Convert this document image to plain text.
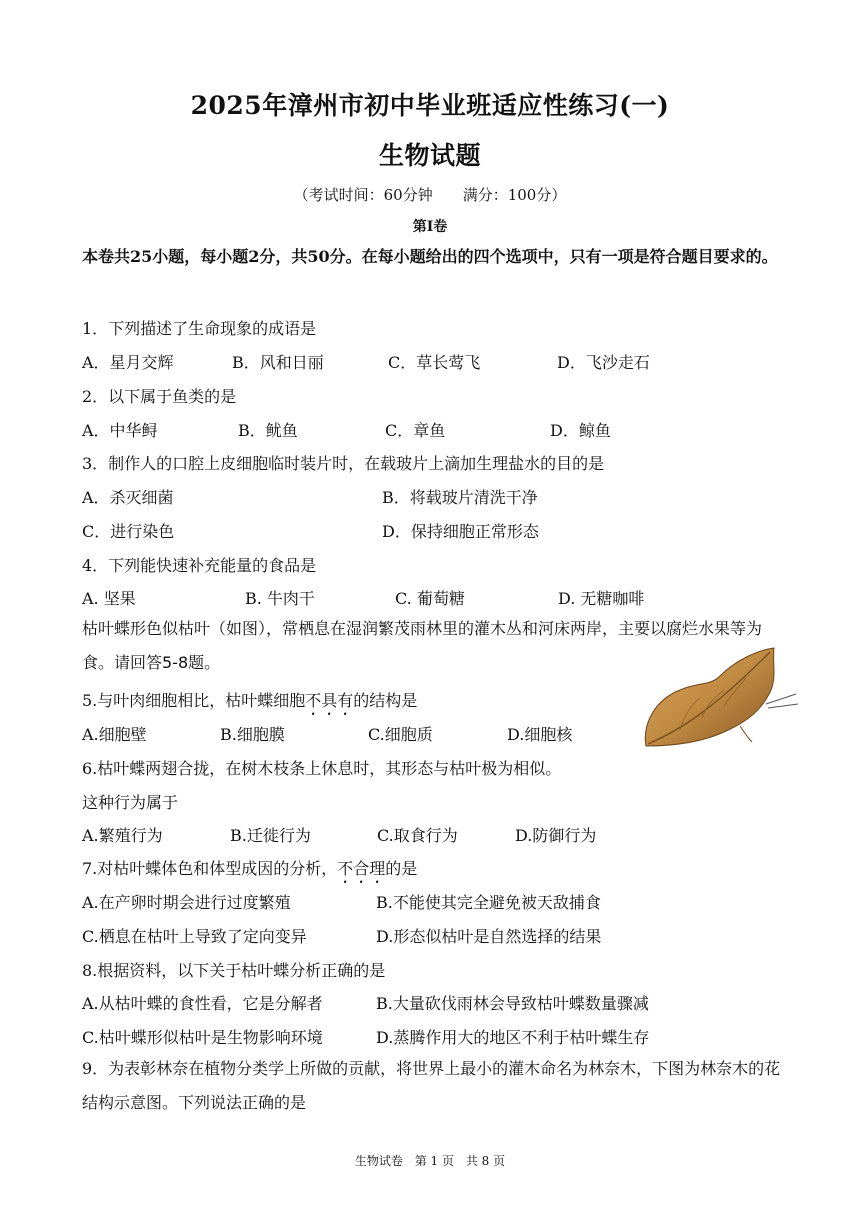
2025年漳州市初中毕业班适应性练习(一)
生物试题
（考试时间：60分钟 满分：100分）
第Ⅰ卷
本卷共25小题，每小题2分，共50分。在每小题给出的四个选项中，只有一项是符合题目要求的。
1．下列描述了生命现象的成语是
A．星月交辉	B．风和日丽	C．草长莺飞	D．飞沙走石
2．以下属于鱼类的是
A．中华鲟	B．鱿鱼	C．章鱼	D．鲸鱼
3．制作人的口腔上皮细胞临时装片时，在载玻片上滴加生理盐水的目的是
A．杀灭细菌	B．将载玻片清洗干净
C．进行染色	D．保持细胞正常形态
4．下列能快速补充能量的食品是
A. 坚果	B. 牛肉干	C. 葡萄糖	D. 无糖咖啡
枯叶蝶形色似枯叶（如图），常栖息在湿润繁茂雨林里的灌木丛和河床两岸，主要以腐烂水果等为食。请回答5-8题。
5.与叶肉细胞相比，枯叶蝶细胞不具有的结构是
A.细胞壁	B.细胞膜	C.细胞质	D.细胞核
6.枯叶蝶两翅合拢，在树木枝条上休息时，其形态与枯叶极为相似。
这种行为属于
A.繁殖行为	B.迁徙行为	C.取食行为	D.防御行为
7.对枯叶蝶体色和体型成因的分析，不合理的是
A.在产卵时期会进行过度繁殖	B.不能使其完全避免被天敌捕食
C.栖息在枯叶上导致了定向变异	D.形态似枯叶是自然选择的结果
8.根据资料，以下关于枯叶蝶分析正确的是
A.从枯叶蝶的食性看，它是分解者	B.大量砍伐雨林会导致枯叶蝶数量骤减
C.枯叶蝶形似枯叶是生物影响环境	D.蒸腾作用大的地区不利于枯叶蝶生存
9．为表彰林奈在植物分类学上所做的贡献，将世界上最小的灌木命名为林奈木，下图为林奈木的花结构示意图。下列说法正确的是
生物试卷 第 1 页 共 8 页
